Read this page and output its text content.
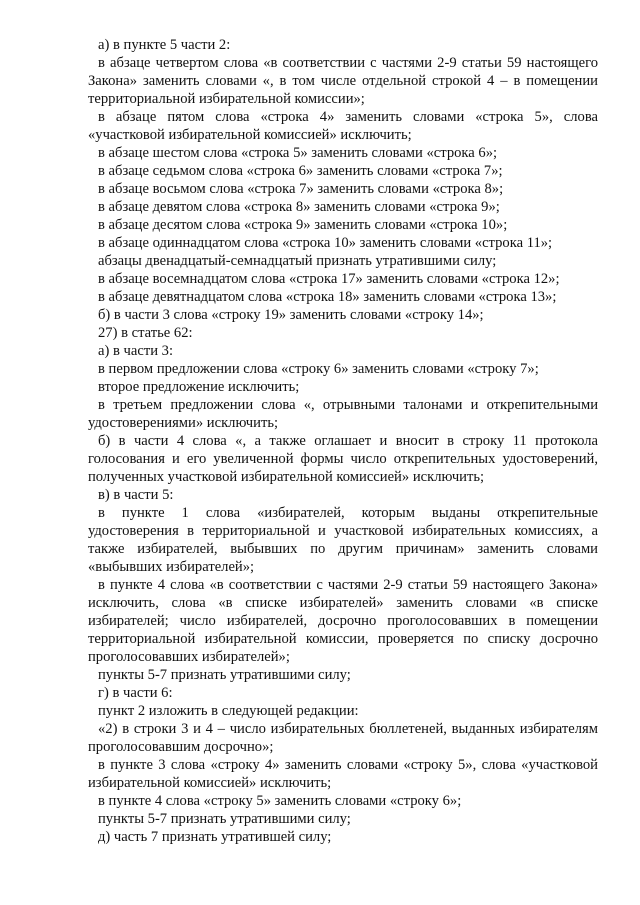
а) в пункте 5 части 2:

в абзаце четвертом слова «в соответствии с частями 2-9 статьи 59 настоящего Закона» заменить словами «, в том числе отдельной строкой 4 – в помещении территориальной избирательной комиссии»;

в абзаце пятом слова «строка 4» заменить словами «строка 5», слова «участковой избирательной комиссией» исключить;

в абзаце шестом слова «строка 5» заменить словами «строка 6»;

в абзаце седьмом слова «строка 6» заменить словами «строка 7»;

в абзаце восьмом слова «строка 7» заменить словами «строка 8»;

в абзаце девятом слова «строка 8» заменить словами «строка 9»;

в абзаце десятом слова «строка 9» заменить словами «строка 10»;

в абзаце одиннадцатом слова «строка 10» заменить словами «строка 11»;

абзацы двенадцатый-семнадцатый признать утратившими силу;

в абзаце восемнадцатом слова «строка 17» заменить словами «строка 12»;

в абзаце девятнадцатом слова «строка 18» заменить словами «строка 13»;

б) в части 3 слова «строку 19» заменить словами «строку 14»;

27) в статье 62:

а) в части 3:

в первом предложении слова «строку 6» заменить словами «строку 7»;

второе предложение исключить;

в третьем предложении слова «, отрывными талонами и открепительными удостоверениями» исключить;

б) в части 4 слова «, а также оглашает и вносит в строку 11 протокола голосования и его увеличенной формы число открепительных удостоверений, полученных участковой избирательной комиссией» исключить;

в) в части 5:

в пункте 1 слова «избирателей, которым выданы открепительные удостоверения в территориальной и участковой избирательных комиссиях, а также избирателей, выбывших по другим причинам» заменить словами «выбывших избирателей»;

в пункте 4 слова «в соответствии с частями 2-9 статьи 59 настоящего Закона» исключить, слова «в списке избирателей» заменить словами «в списке избирателей; число избирателей, досрочно проголосовавших в помещении территориальной избирательной комиссии, проверяется по списку досрочно проголосовавших избирателей»;

пункты 5-7 признать утратившими силу;

г) в части 6:

пункт 2 изложить в следующей редакции:

«2) в строки 3 и 4 – число избирательных бюллетеней, выданных избирателям проголосовавшим досрочно»;

в пункте 3 слова «строку 4» заменить словами «строку 5», слова «участковой избирательной комиссией» исключить;

в пункте 4 слова «строку 5» заменить словами «строку 6»;

пункты 5-7 признать утратившими силу;

д) часть 7 признать утратившей силу;
